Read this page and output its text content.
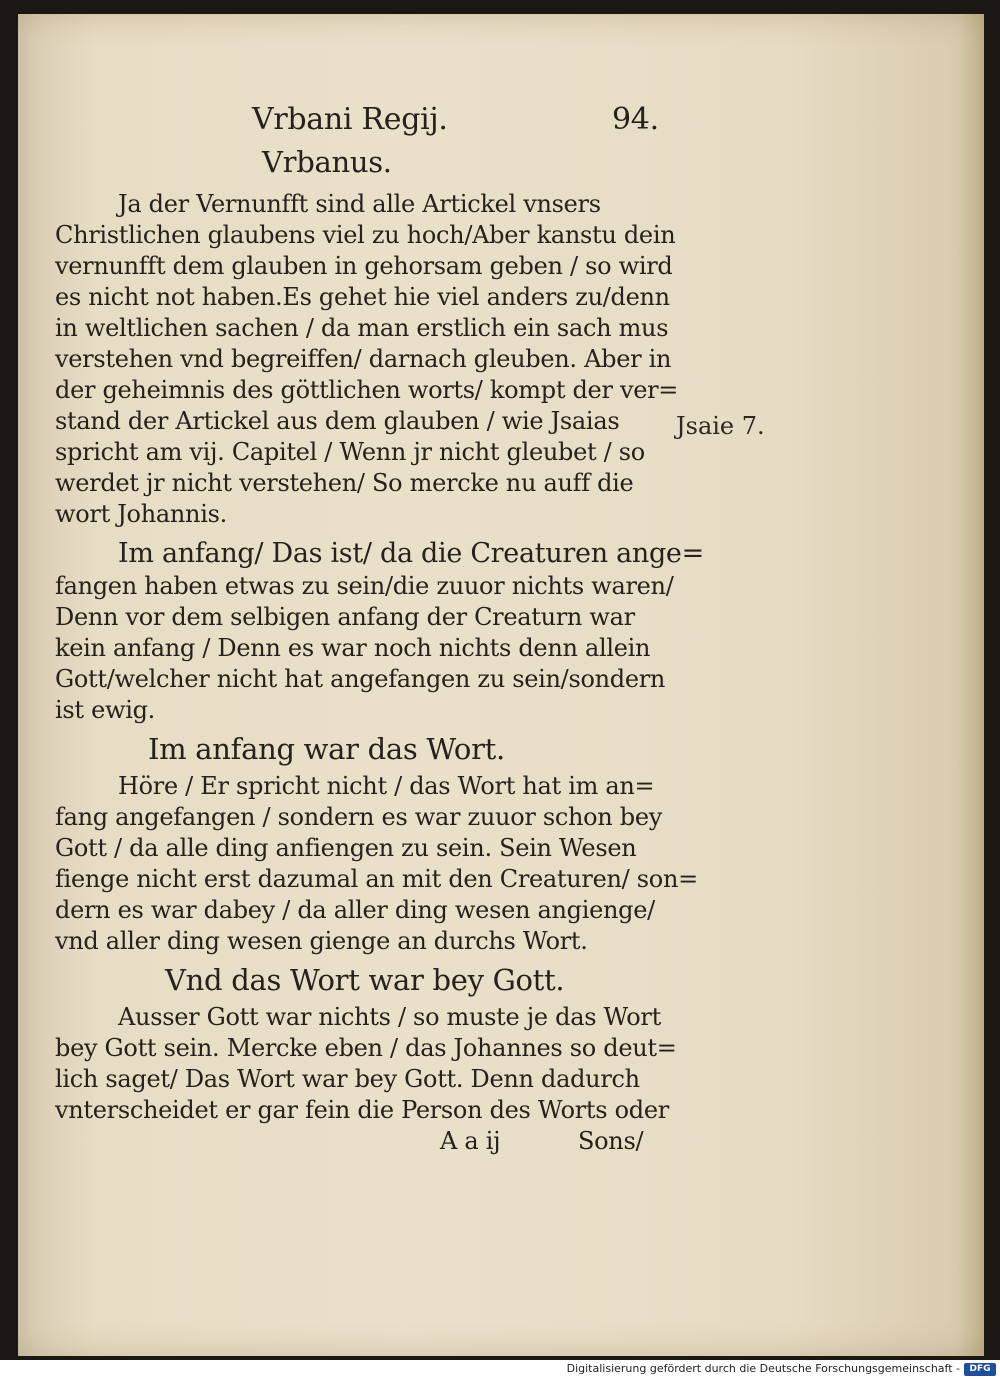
Vrbani Regij.	94.
Vrbanus.
Ja der Vernunfft sind alle Artickel vnsers
Christlichen glaubens viel zu hoch/Aber kanstu dein
vernunfft dem glauben in gehorsam geben / so wird
es nicht not haben.Es gehet hie viel anders zu/denn
in weltlichen sachen / da man erstlich ein sach mus
verstehen vnd begreiffen/ darnach gleuben. Aber in
der geheimnis des göttlichen worts/ kompt der ver=
stand der Artickel aus dem glauben / wie Jsaias
spricht am vij. Capitel / Wenn jr nicht gleubet / so
werdet jr nicht verstehen/ So mercke nu auff die
wort Johannis.
Jsaie 7.
Im anfang/ Das ist/ da die Creaturen ange=
fangen haben etwas zu sein/die zuuor nichts waren/
Denn vor dem selbigen anfang der Creaturn war
kein anfang / Denn es war noch nichts denn allein
Gott/welcher nicht hat angefangen zu sein/sondern
ist ewig.
Im anfang war das Wort.
Höre / Er spricht nicht / das Wort hat im an=
fang angefangen / sondern es war zuuor schon bey
Gott / da alle ding anfiengen zu sein. Sein Wesen
fienge nicht erst dazumal an mit den Creaturen/ son=
dern es war dabey / da aller ding wesen angienge/
vnd aller ding wesen gienge an durchs Wort.
Vnd das Wort war bey Gott.
Ausser Gott war nichts / so muste je das Wort
bey Gott sein. Mercke eben / das Johannes so deut=
lich saget/ Das Wort war bey Gott. Denn dadurch
vnterscheidet er gar fein die Person des Worts oder
A a ij	Sons/
Digitalisierung gefördert durch die Deutsche Forschungsgemeinschaft -	DFG
